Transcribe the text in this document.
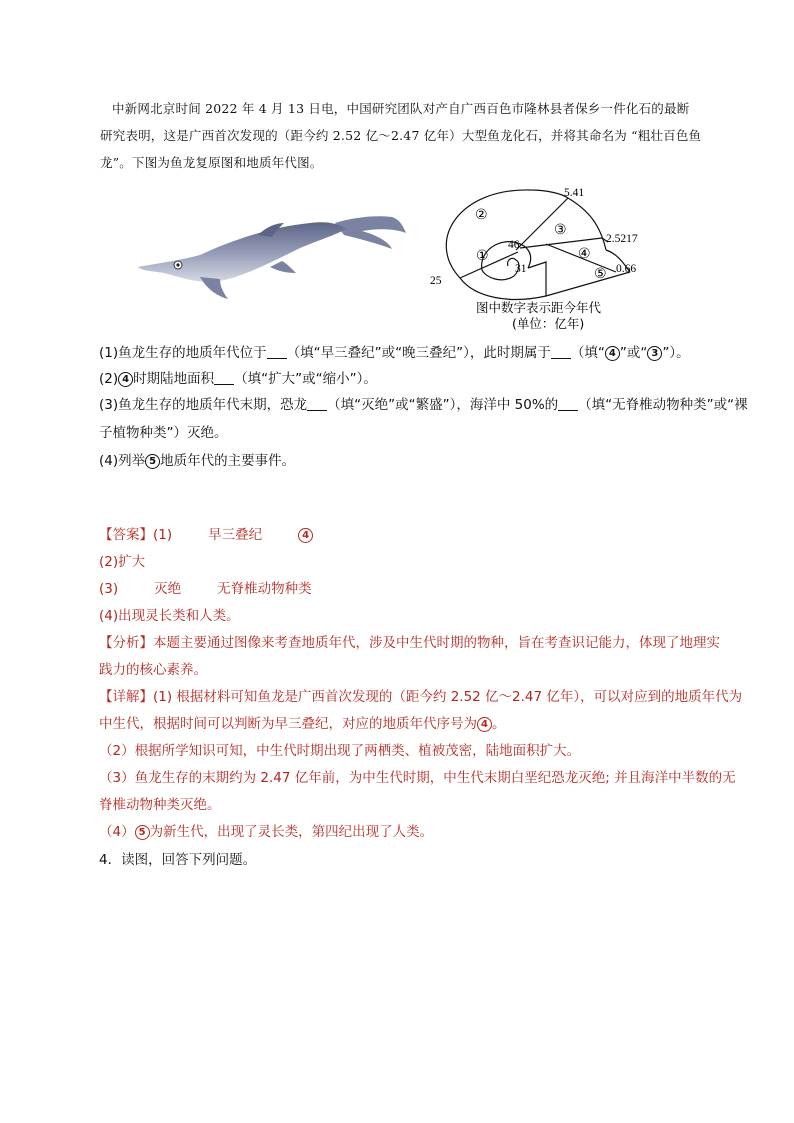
中新网北京时间 2022 年 4 月 13 日电，中国研究团队对产自广西百色市隆林县者保乡一件化石的最断

研究表明，这是广西首次发现的（距今约 2.52 亿～2.47 亿年）大型鱼龙化石，并将其命名为 “粗壮百色鱼

龙”。下图为鱼龙复原图和地质年代图。

5.41
2.5217
0.66
46
31
25
②
③
④
⑤
①
图中数字表示距今年代
(单位：亿年)
(1)鱼龙生存的地质年代位于 （填“早三叠纪”或“晚三叠纪”），此时期属于 （填“ 4 ”或“ 3 ”）。
(2) 4 时期陆地面积 （填“扩大”或“缩小”）。
(3)鱼龙生存的地质年代末期，恐龙 （填“灭绝”或“繁盛”），海洋中 50%的 （填“无脊椎动物种类”或“裸
子植物种类”）灭绝。
(4)列举 5 地质年代的主要事件。
【答案】(1)	早三叠纪	4
(2)扩大
(3)	灭绝	无脊椎动物种类
(4)出现灵长类和人类。
【分析】本题主要通过图像来考查地质年代，涉及中生代时期的物种，旨在考查识记能力，体现了地理实
践力的核心素养。
【详解】(1) 根据材料可知鱼龙是广西首次发现的（距今约 2.52 亿～2.47 亿年），可以对应到的地质年代为
中生代，根据时间可以判断为早三叠纪，对应的地质年代序号为 4 。
（2）根据所学知识可知，中生代时期出现了两栖类、植被茂密，陆地面积扩大。
（3）鱼龙生存的末期约为 2.47 亿年前，为中生代时期，中生代末期白垩纪恐龙灭绝; 并且海洋中半数的无
脊椎动物种类灭绝。
（4） 5 为新生代，出现了灵长类，第四纪出现了人类。
4．读图，回答下列问题。
